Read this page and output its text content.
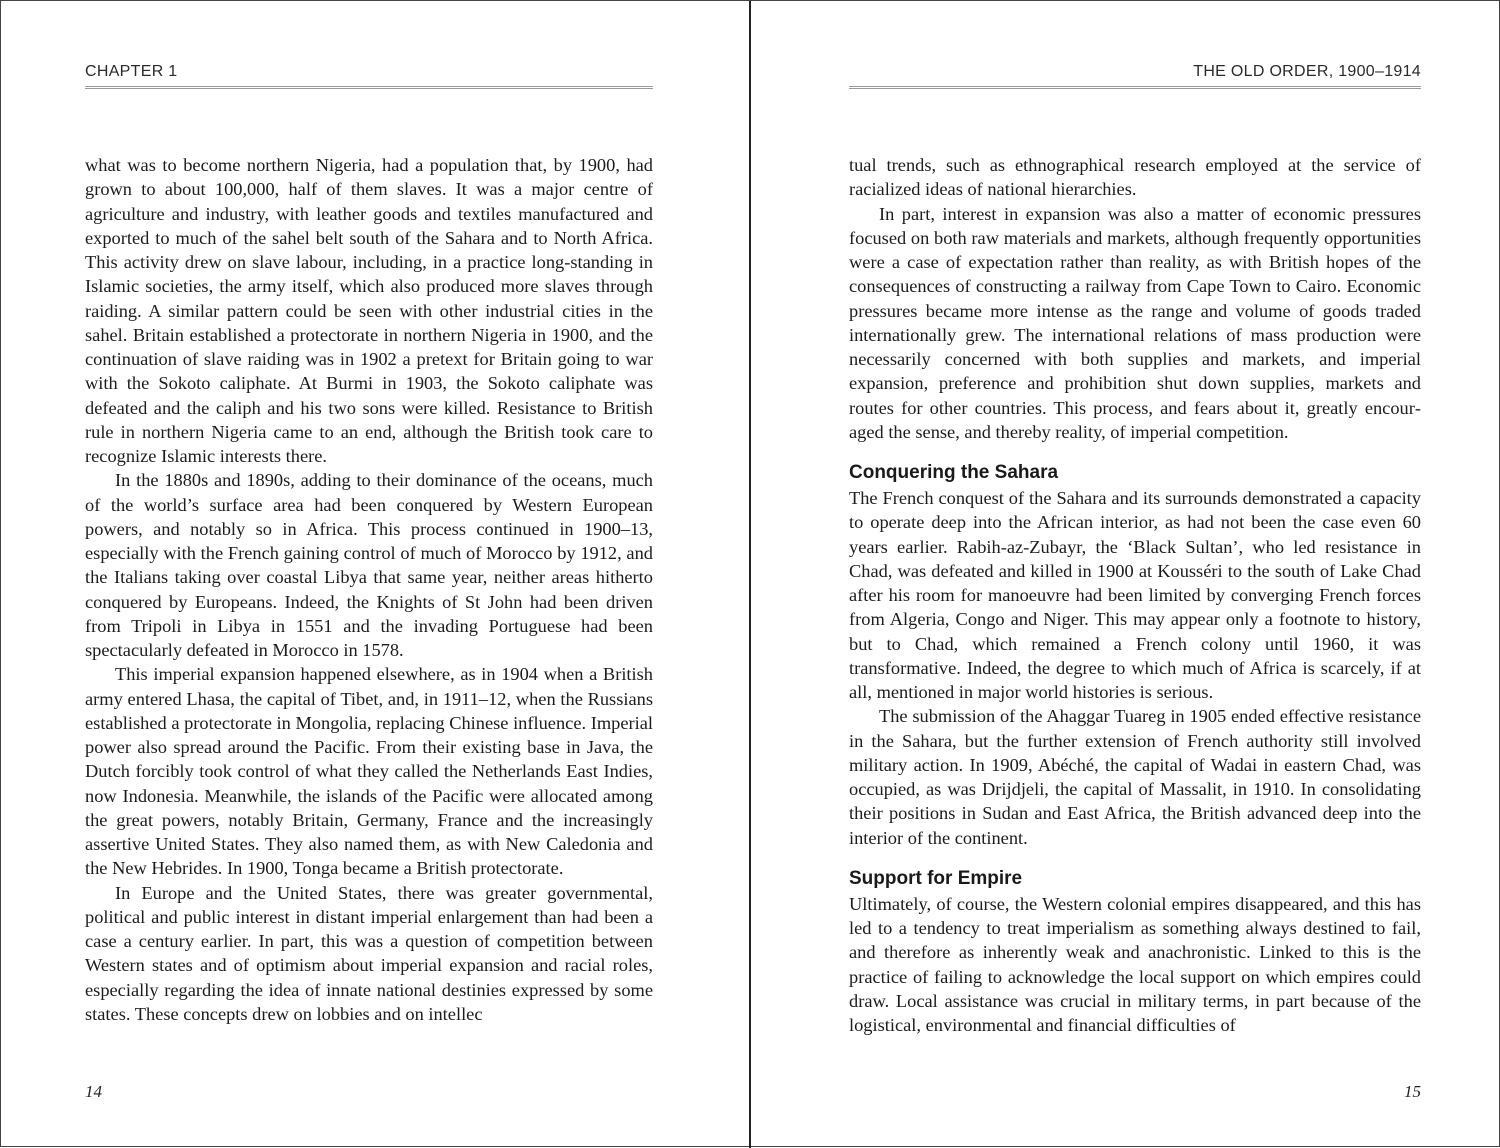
CHAPTER 1

what was to become northern Nigeria, had a population that, by 1900, had grown to about 100,000, half of them slaves. It was a major centre of agriculture and industry, with leather goods and textiles manufactured and exported to much of the sahel belt south of the Sahara and to North Africa. This activity drew on slave labour, including, in a practice long-standing in Islamic societies, the army itself, which also produced more slaves through raiding. A similar pattern could be seen with other industrial cities in the sahel. Britain established a protectorate in northern Nigeria in 1900, and the continuation of slave raiding was in 1902 a pretext for Britain going to war with the Sokoto caliphate. At Burmi in 1903, the Sokoto caliphate was defeated and the caliph and his two sons were killed. Resistance to British rule in northern Nigeria came to an end, although the British took care to recognize Islamic interests there.

In the 1880s and 1890s, adding to their dominance of the oceans, much of the world’s surface area had been conquered by Western European powers, and notably so in Africa. This process continued in 1900–13, especially with the French gaining control of much of Morocco by 1912, and the Italians taking over coastal Libya that same year, neither areas hitherto conquered by Europeans. Indeed, the Knights of St John had been driven from Tripoli in Libya in 1551 and the invading Portuguese had been spectacularly defeated in Morocco in 1578.

This imperial expansion happened elsewhere, as in 1904 when a British army entered Lhasa, the capital of Tibet, and, in 1911–12, when the Russians established a protectorate in Mongolia, replacing Chinese influence. Imperial power also spread around the Pacific. From their existing base in Java, the Dutch forcibly took control of what they called the Netherlands East Indies, now Indonesia. Meanwhile, the islands of the Pacific were allocated among the great powers, notably Britain, Germany, France and the increasingly assertive United States. They also named them, as with New Caledonia and the New Hebrides. In 1900, Tonga became a British protectorate.

In Europe and the United States, there was greater governmental, political and public interest in distant imperial enlargement than had been a case a century earlier. In part, this was a question of competition between Western states and of optimism about imperial expansion and racial roles, especially regarding the idea of innate national destinies expressed by some states. These concepts drew on lobbies and on intellec

14
THE OLD ORDER, 1900–1914

tual trends, such as ethnographical research employed at the service of racialized ideas of national hierarchies.

In part, interest in expansion was also a matter of economic pressures focused on both raw materials and markets, although frequently opportunities were a case of expectation rather than reality, as with British hopes of the consequences of constructing a railway from Cape Town to Cairo. Economic pressures became more intense as the range and volume of goods traded internationally grew. The international relations of mass production were necessarily concerned with both supplies and markets, and imperial expansion, preference and prohibition shut down supplies, markets and routes for other countries. This process, and fears about it, greatly encouraged the sense, and thereby reality, of imperial competition.

Conquering the Sahara

The French conquest of the Sahara and its surrounds demonstrated a capacity to operate deep into the African interior, as had not been the case even 60 years earlier. Rabih-az-Zubayr, the ‘Black Sultan’, who led resistance in Chad, was defeated and killed in 1900 at Kousséri to the south of Lake Chad after his room for manoeuvre had been limited by converging French forces from Algeria, Congo and Niger. This may appear only a footnote to history, but to Chad, which remained a French colony until 1960, it was transformative. Indeed, the degree to which much of Africa is scarcely, if at all, mentioned in major world histories is serious.

The submission of the Ahaggar Tuareg in 1905 ended effective resistance in the Sahara, but the further extension of French authority still involved military action. In 1909, Abéché, the capital of Wadai in eastern Chad, was occupied, as was Drijdjeli, the capital of Massalit, in 1910. In consolidating their positions in Sudan and East Africa, the British advanced deep into the interior of the continent.

Support for Empire

Ultimately, of course, the Western colonial empires disappeared, and this has led to a tendency to treat imperialism as something always destined to fail, and therefore as inherently weak and anachronistic. Linked to this is the practice of failing to acknowledge the local support on which empires could draw. Local assistance was crucial in military terms, in part because of the logistical, environmental and financial difficulties of

15
